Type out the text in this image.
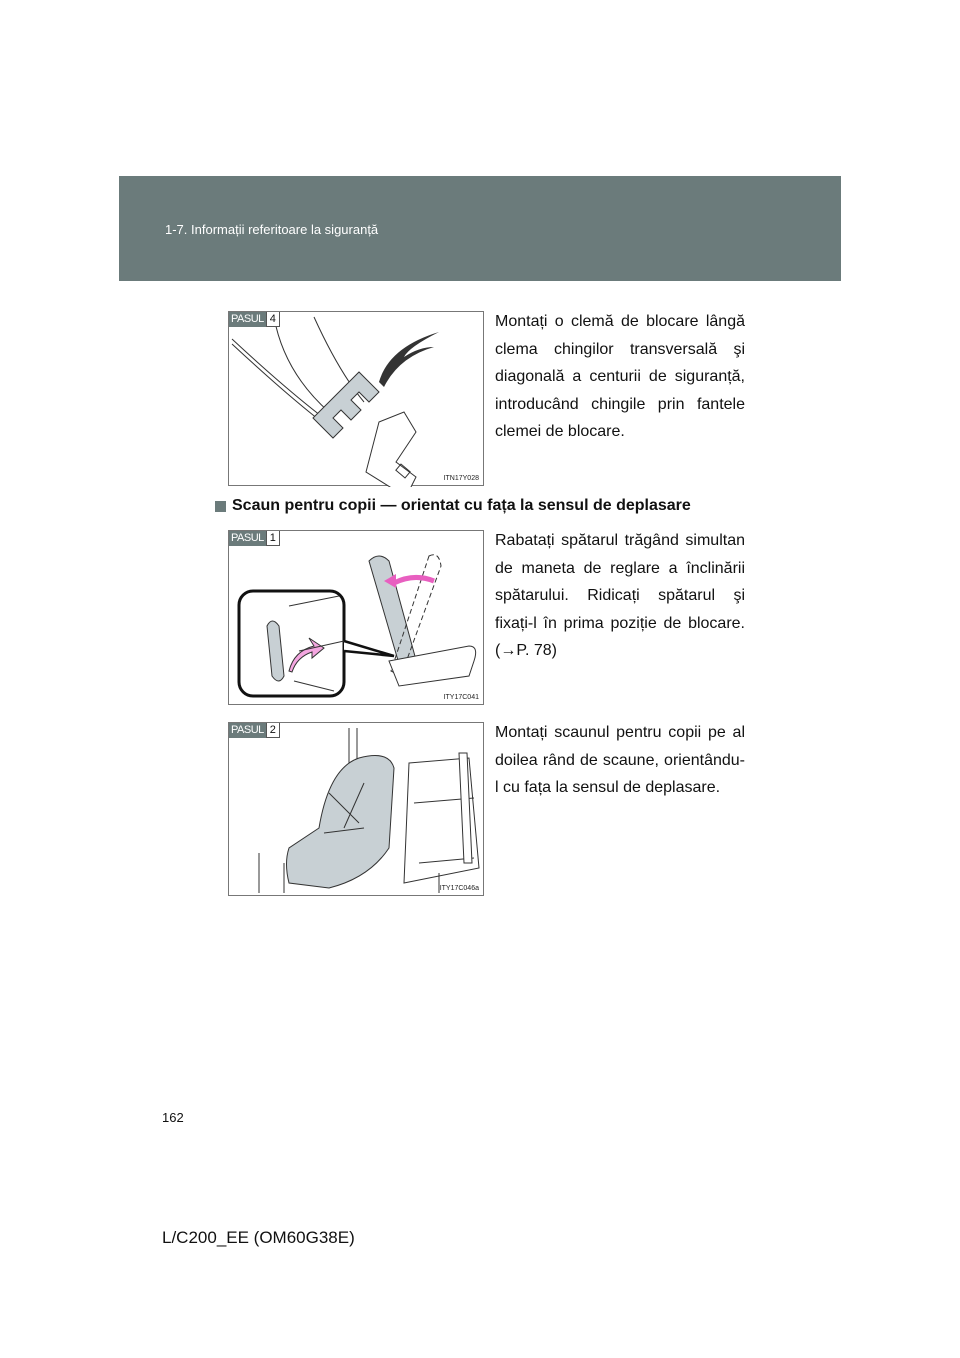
1-7. Informații referitoare la siguranță
PASUL 4
ITN17Y028
Montați o clemă de blocare lângă clema chingilor transversală şi diagonală a centurii de siguranță, introducând chingile prin fantele clemei de blocare.
Scaun pentru copii — orientat cu fața la sensul de deplasare
PASUL 1
ITY17C041
Rabatați spătarul trăgând simultan de maneta de reglare a înclinării spătarului. Ridicați spătarul şi fixați-l în prima poziție de blocare. (→P. 78)
PASUL 2
ITY17C046a
Montați scaunul pentru copii pe al doilea rând de scaune, orientându-l cu fața la sensul de deplasare.
162
L/C200_EE (OM60G38E)
